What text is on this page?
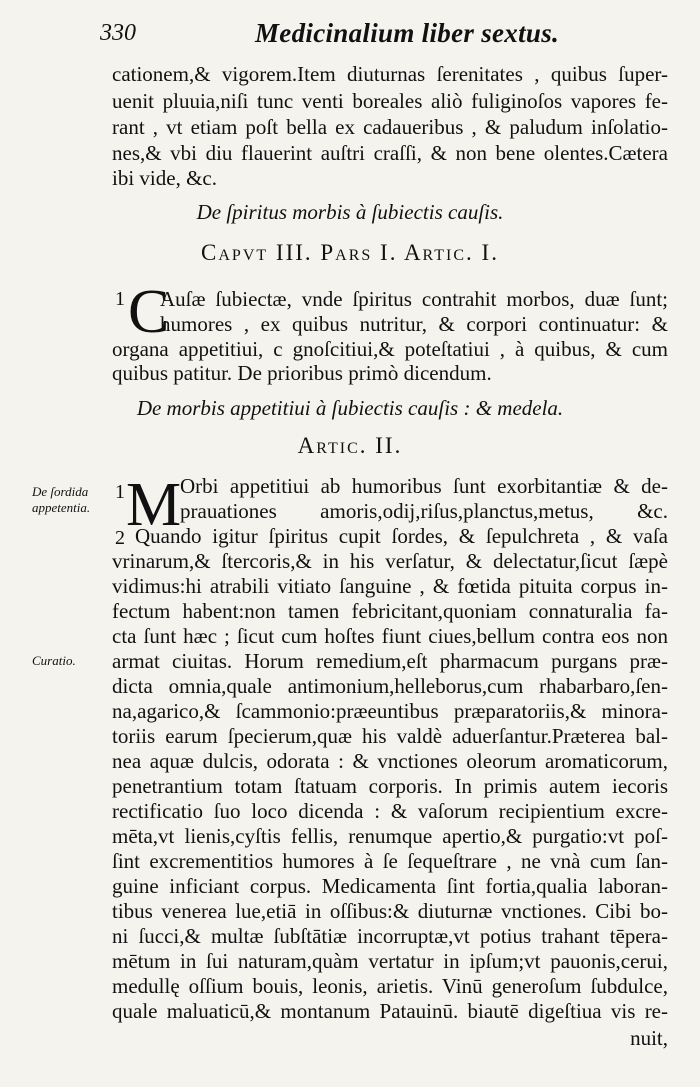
330	Medicinalium liber sextus.
cationem,& vigorem.Item diuturnas ſerenitates , quibus ſuper-
uenit pluuia,niſi tunc venti boreales aliò fuliginoſos vapores fe-
rant , vt etiam poſt bella ex cadaueribus , & paludum inſolatio-
nes,& vbi diu flauerint auſtri craſſi, & non bene olentes.Cætera
ibi vide, &c.
De ſpiritus morbis à ſubiectis cauſis.
Capvt III. Pars I. Artic. I.
1 C
Auſæ ſubiectæ, vnde ſpiritus contrahit morbos, duæ ſunt;
humores , ex quibus nutritur, & corpori continuatur: &
organa appetitiui, c gnoſcitiui,& poteſtatiui , à quibus, & cum
quibus patitur. De prioribus primò dicendum.
De morbis appetitiui à ſubiectis cauſis : & medela.
Artic. II.
De ſordida
appetentia.
1 M
Orbi appetitiui ab humoribus ſunt exorbitantiæ & de-
prauationes amoris,odij,riſus,planctus,metus, &c.
2 Quando igitur ſpiritus cupit ſordes, & ſepulchreta , & vaſa
vrinarum,& ſtercoris,& in his verſatur, & delectatur,ſicut ſæpè
vidimus:hi atrabili vitiato ſanguine , & fœtida pituita corpus in-
fectum habent:non tamen febricitant,quoniam connaturalia fa-
cta ſunt hæc ; ſicut cum hoſtes fiunt ciues,bellum contra eos non
armat ciuitas. Horum remedium,eſt pharmacum purgans præ-
dicta omnia,quale antimonium,helleborus,cum rhabarbaro,ſen-
na,agarico,& ſcammonio:præeuntibus præparatoriis,& minora-
toriis earum ſpecierum,quæ his valdè aduerſantur.Præterea bal-
nea aquæ dulcis, odorata : & vnctiones oleorum aromaticorum,
penetrantium totam ſtatuam corporis. In primis autem iecoris
rectificatio ſuo loco dicenda : & vaſorum recipientium excre-
mēta,vt lienis,cyſtis fellis, renumque apertio,& purgatio:vt poſ-
ſint excrementitios humores à ſe ſequeſtrare , ne vnà cum ſan-
guine inficiant corpus. Medicamenta ſint fortia,qualia laboran-
tibus venerea lue,etiā in oſſibus:& diuturnæ vnctiones. Cibi bo-
ni ſucci,& multæ ſubſtātiæ incorruptæ,vt potius trahant tēpera-
mētum in ſui naturam,quàm vertatur in ipſum;vt pauonis,cerui,
medullę oſſium bouis, leonis, arietis. Vinū generoſum ſubdulce,
quale maluaticū,& montanum Patauinū. biautē digeſtiua vis re-
Curatio.
nuit,
